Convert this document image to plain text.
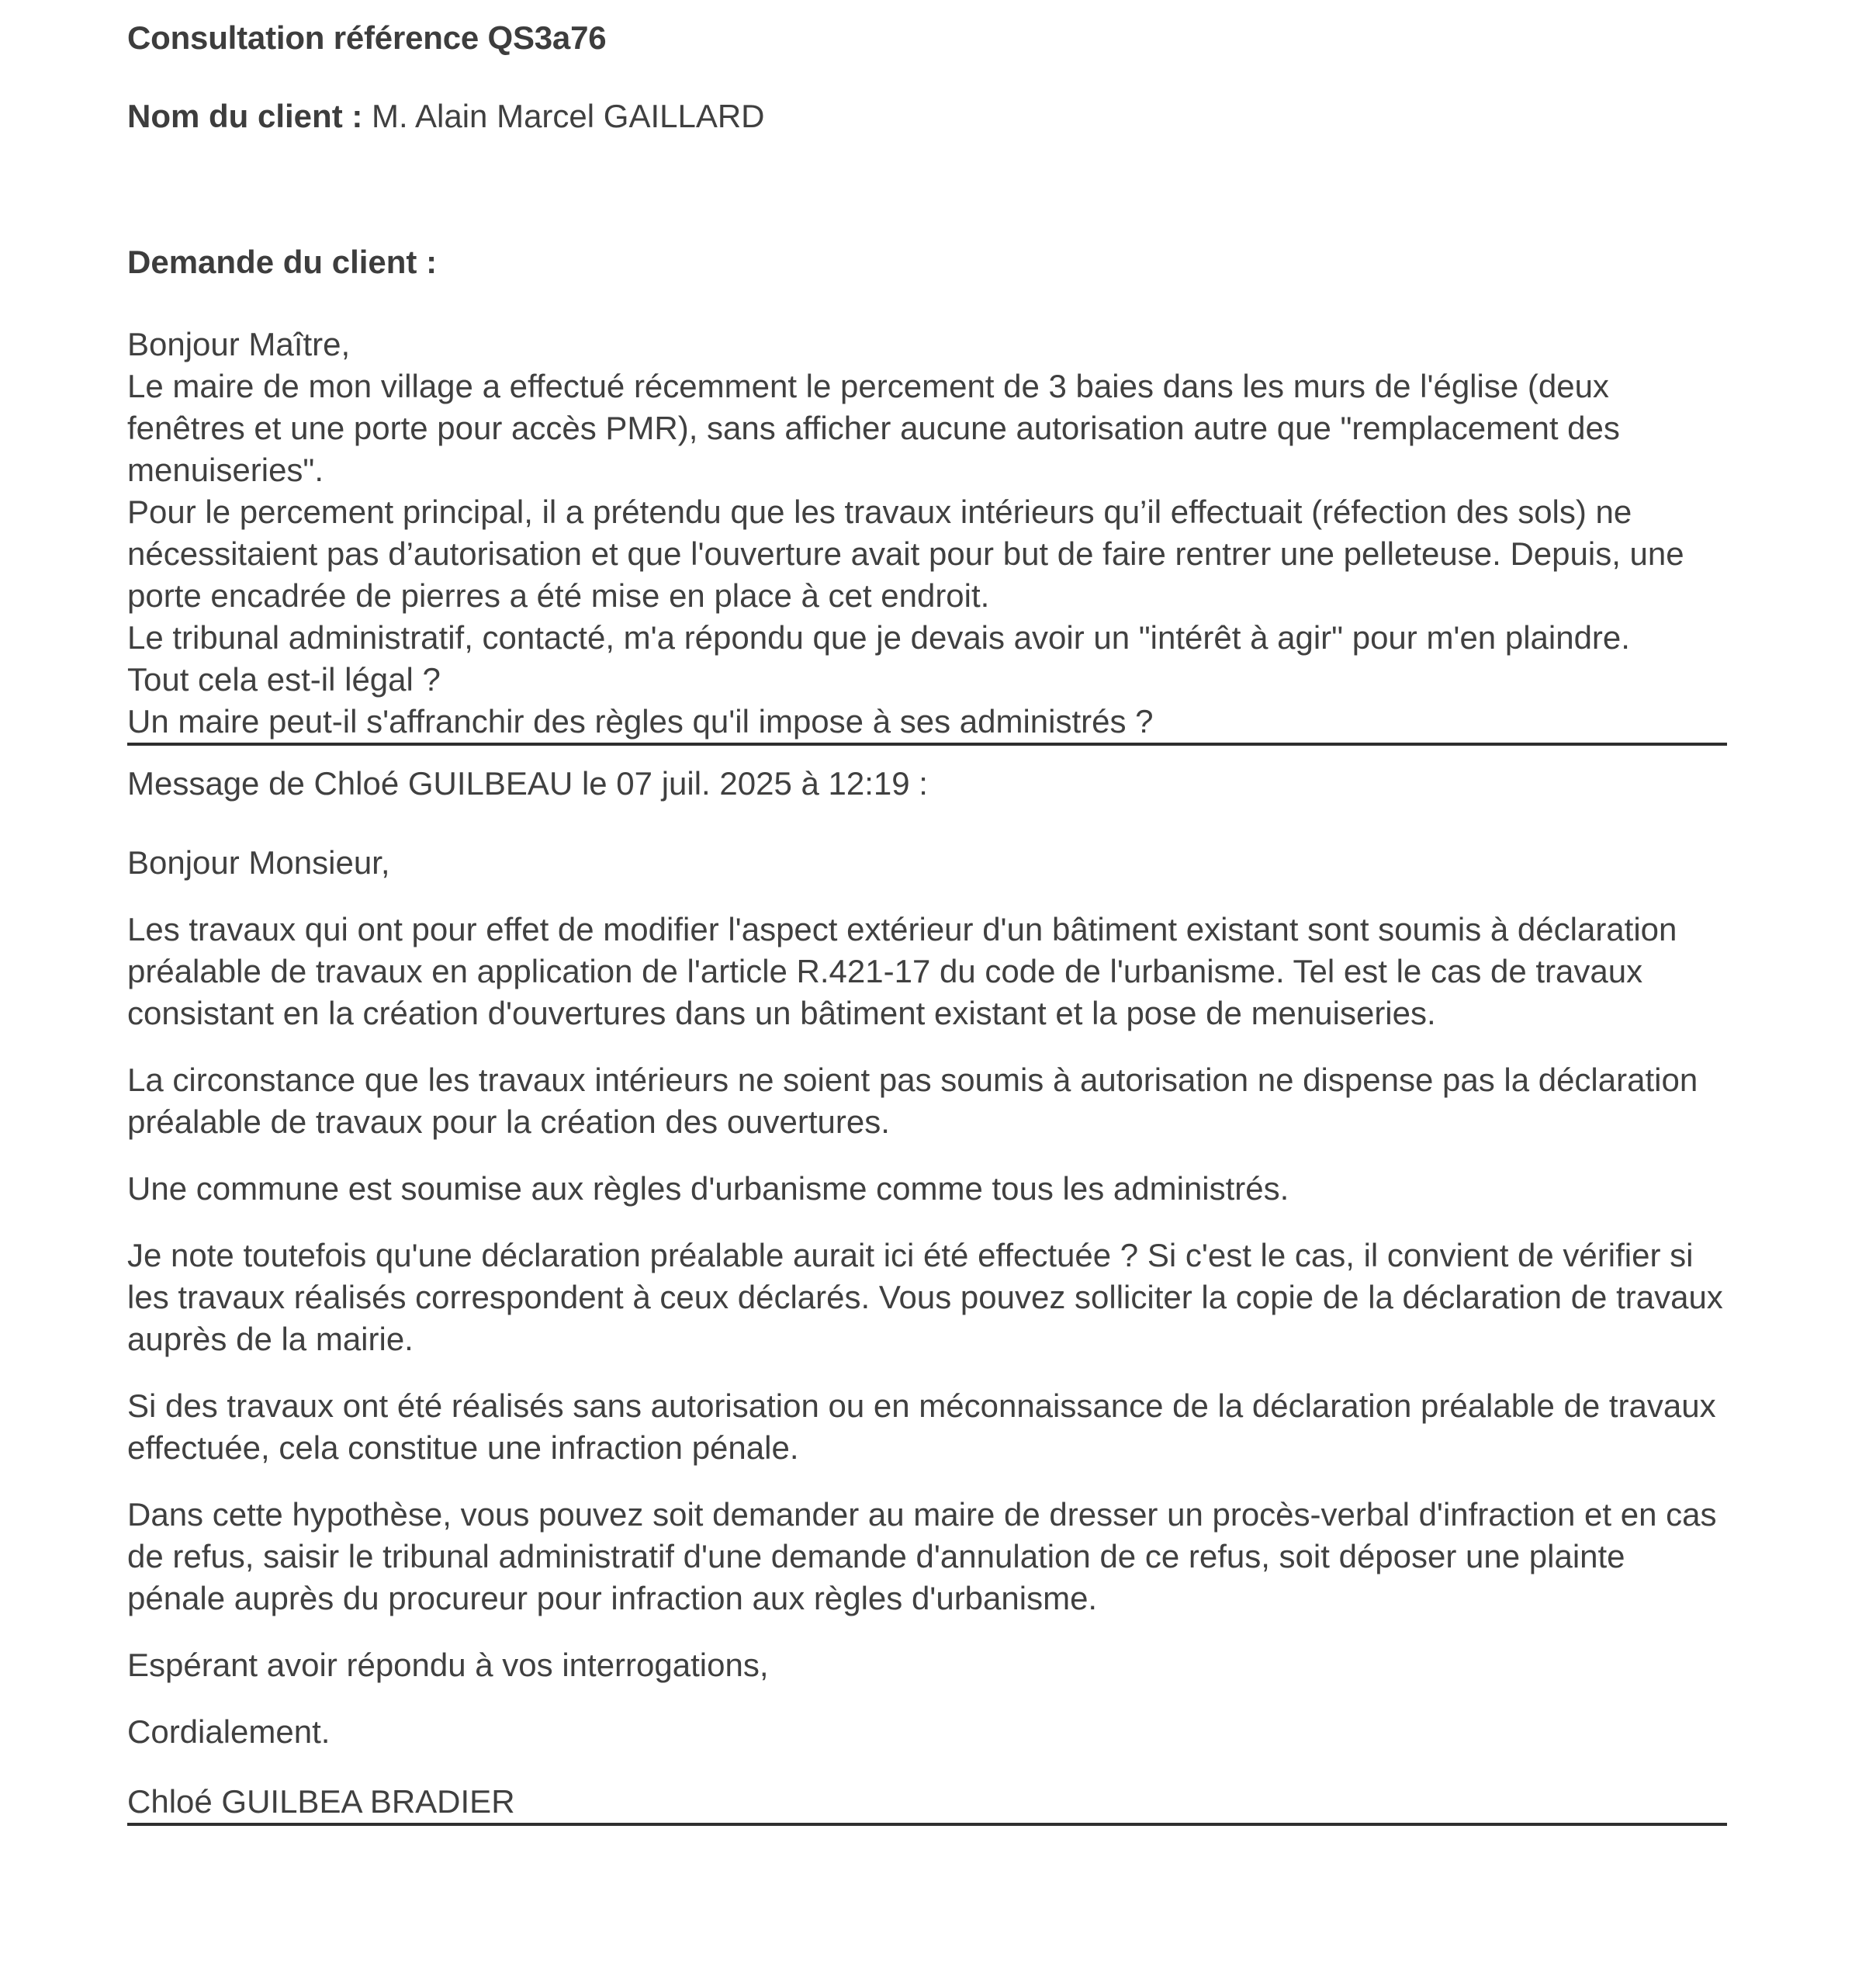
Consultation référence QS3a76
Nom du client : M. Alain Marcel GAILLARD
Demande du client :
Bonjour Maître,
Le maire de mon village a effectué récemment le percement de 3 baies dans les murs de l'église (deux fenêtres et une porte pour accès PMR), sans afficher aucune autorisation autre que "remplacement des menuiseries".
Pour le percement principal, il a prétendu que les travaux intérieurs qu’il effectuait (réfection des sols) ne nécessitaient pas d’autorisation et que l'ouverture avait pour but de faire rentrer une pelleteuse. Depuis, une porte encadrée de pierres a été mise en place à cet endroit.
Le tribunal administratif, contacté, m'a répondu que je devais avoir un "intérêt à agir" pour m'en plaindre.
Tout cela est-il légal ?
Un maire peut-il s'affranchir des règles qu'il impose à ses administrés ?
Message de Chloé GUILBEAU le 07 juil. 2025 à 12:19 :

Bonjour Monsieur,

Les travaux qui ont pour effet de modifier l'aspect extérieur d'un bâtiment existant sont soumis à déclaration préalable de travaux en application de l'article R.421-17 du code de l'urbanisme. Tel est le cas de travaux consistant en la création d'ouvertures dans un bâtiment existant et la pose de menuiseries.

La circonstance que les travaux intérieurs ne soient pas soumis à autorisation ne dispense pas la déclaration préalable de travaux pour la création des ouvertures.

Une commune est soumise aux règles d'urbanisme comme tous les administrés.

Je note toutefois qu'une déclaration préalable aurait ici été effectuée ? Si c'est le cas, il convient de vérifier si les travaux réalisés correspondent à ceux déclarés. Vous pouvez solliciter la copie de la déclaration de travaux auprès de la mairie.

Si des travaux ont été réalisés sans autorisation ou en méconnaissance de la déclaration préalable de travaux effectuée, cela constitue une infraction pénale.

Dans cette hypothèse, vous pouvez soit demander au maire de dresser un procès-verbal d'infraction et en cas de refus, saisir le tribunal administratif d'une demande d'annulation de ce refus, soit déposer une plainte pénale auprès du procureur pour infraction aux règles d'urbanisme.

Espérant avoir répondu à vos interrogations,

Cordialement.

Chloé GUILBEA BRADIER
